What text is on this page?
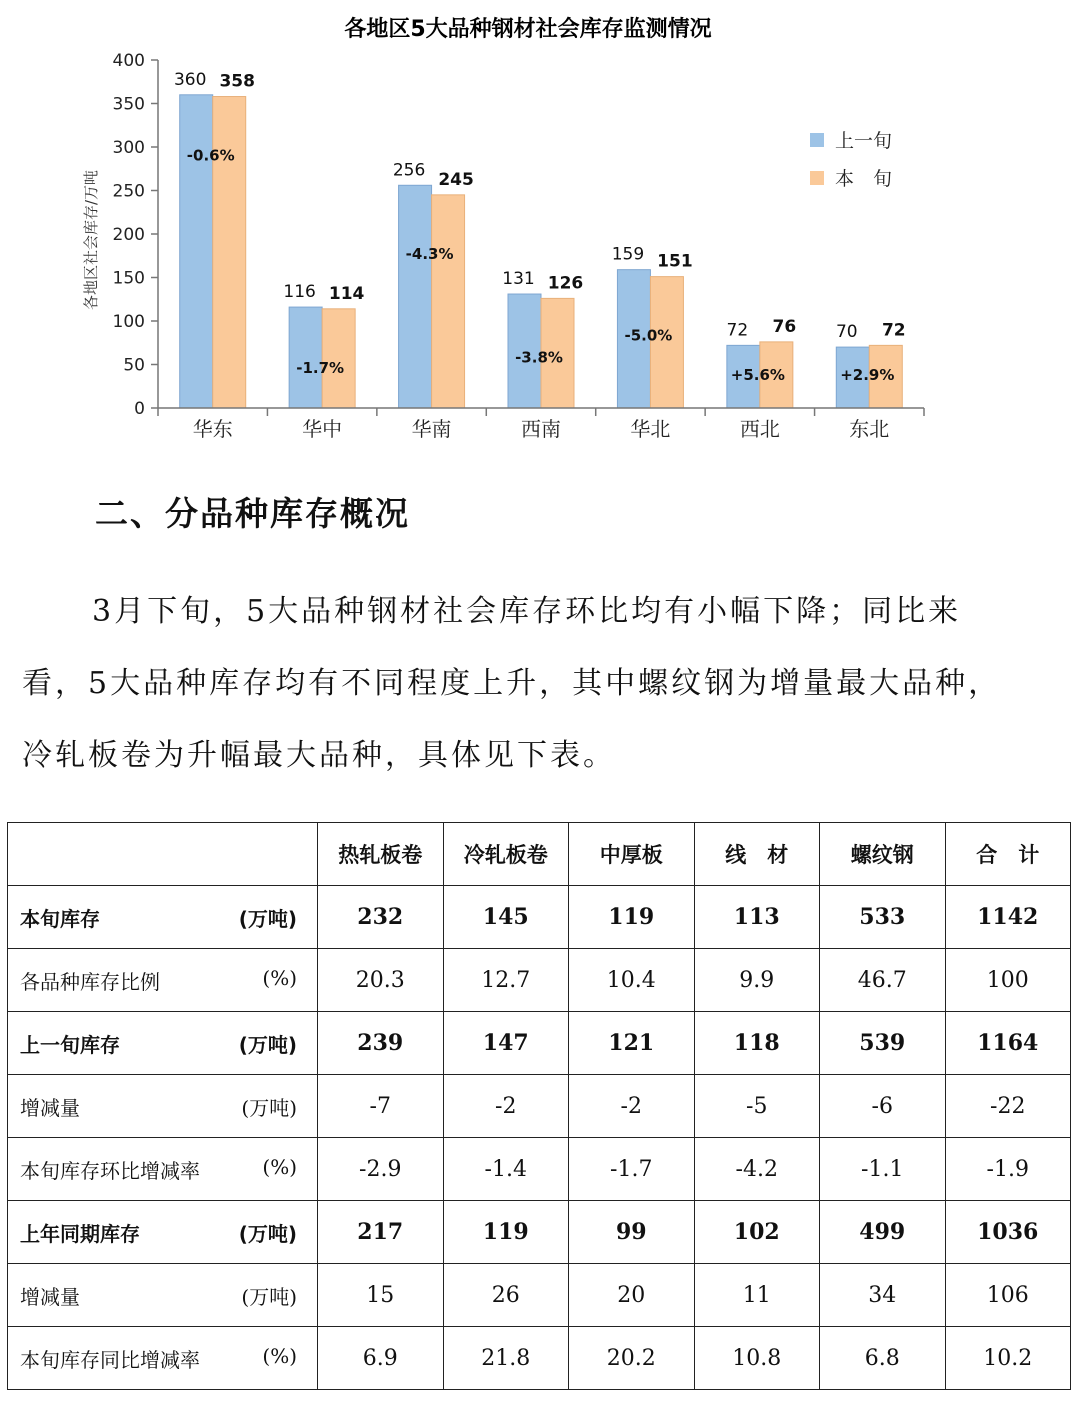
各地区5大品种钢材社会库存监测情况
0
50
100
150
200
250
300
350
400
360 358
-0.6%
116 114
-1.7%
256 245
-4.3%
131 126
-3.8%
159 151
-5.0%	72 76
+5.6%
70 72
+2.9%
华东	华中	华南	西南	华北	西北	东北
各地区社会库存/万吨
上一旬
本　旬
二、分品种库存概况

3月下旬，5大品种钢材社会库存环比均有小幅下降；同比来看，5大品种库存均有不同程度上升，其中螺纹钢为增量最大品种，冷轧板卷为升幅最大品种，具体见下表。

	热轧板卷	冷轧板卷	中厚板	线　材	螺纹钢	合　计
本旬库存 (万吨)	232	145	119	113	533	1142
各品种库存比例 (%)	20.3	12.7	10.4	9.9	46.7	100
上一旬库存 (万吨)	239	147	121	118	539	1164
增减量 (万吨)	-7	-2	-2	-5	-6	-22
本旬库存环比增减率 (%)	-2.9	-1.4	-1.7	-4.2	-1.1	-1.9
上年同期库存 (万吨)	217	119	99	102	499	1036
增减量 (万吨)	15	26	20	11	34	106
本旬库存同比增减率 (%)	6.9	21.8	20.2	10.8	6.8	10.2
